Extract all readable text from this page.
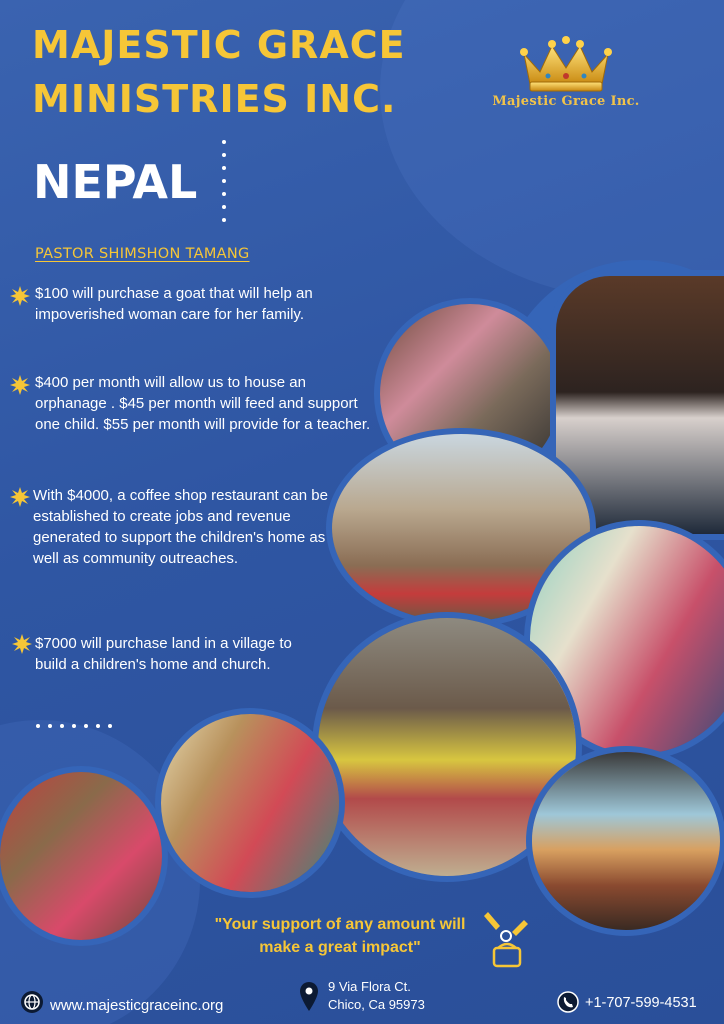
MAJESTIC GRACE
MINISTRIES INC.	Majestic Grace Inc.
NEPAL
PASTOR SHIMSHON TAMANG
$100 will purchase a goat that will help an impoverished woman care for her family.
$400 per month will allow us to house an orphanage . $45 per month will feed and support one child. $55 per month will provide for a teacher.
With $4000, a coffee shop restaurant can be established to create jobs and revenue generated to support the children's home as well as community outreaches.
$7000 will purchase land in a village to build a children's home and church.
"Your support of any amount will make a great impact"
www.majesticgraceinc.org
9 Via Flora Ct.
Chico, Ca 95973	+1-707-599-4531
